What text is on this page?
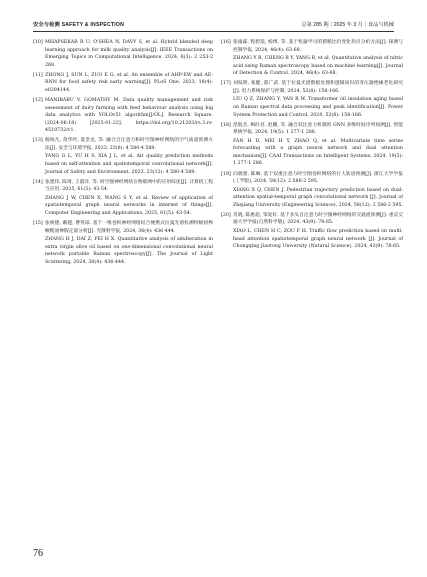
安全与检测 SAFETY & INSPECTION	总第 285 期｜2025 年 3 月｜食品与机械
[10] MHAPSEKAR R U, O'SHEA N, DAVY S, et al. Hybrid blended deep learning approach for milk quality analysis[J]. IEEE Transactions on Emerging Topics in Computational Intelligence, 2024, 8(3): 2 253-2 268.
[11] ZHONG J, SUN L, ZUO E G, et al. An ensemble of AHP-EW and AE-RNN for food safety risk early warning[J]. PLoS One, 2023, 18(4): e0284144.
[12] MANIBABU V, GOMATHY M. Data quality management and risk assessment of dairy farming with feed behaviour analysis using big data analytics with YOLOv51 algorithm[J/OL]. Research Square. (2024-06-18) [2025-01-22]. https://doi.org/10.21203/rs.3.rs-4519732/v1.
[13] 杨锐凡, 余华吟, 夏金龙, 等. 融合自注意力和时空图神经网络的空气质量预测方法[J]. 安全与环境学报, 2023, 23(8): 4 580-4 589.
YANG G L, YU H S, XIA J L, et al. Air quality prediction methods based on self-attention and spatiotemporal convolutional network[J]. Journal of Safety and Environment, 2023, 23(12): 4 580-4 589.
[14] 张建伟, 陈琦, 王淑洋, 等. 时空图神经网络在物联网中的应用综述[J]. 计算机工程与应用, 2025, 61(5): 43-54.
ZHANG J W, CHEN X, WANG S Y, et al. Review of application of spatiotemporal graph neural networks in internet of things[J]. Computer Engineering and Applications, 2025, 61(5): 43-54.
[15] 张焕德, 戴越, 曹英琼. 基于一维卷积神经网络结合便携式拉曼光谱检测特级初榨橄榄油掺假定量分析[J]. 光散射学报, 2024, 36(4): 436-444.
ZHANG H J, DAI Z, FEI H X. Quantitative analysis of adulteration in extra virgin olive oil based on one-dimensional convolutional neural network portable Raman spectroscopy[J]. The Journal of Light Scattering, 2024, 36(4): 436-444.
[16] 张雍霖, 程碧琰, 杨博, 等. 基于机器学习的猪粮比价变化拐点分析方法[J]. 探测与控制学报, 2024, 46(4): 63-68.
ZHANG Y R, CHENG B Y, YANG B, et al. Quantitative analysis of nitric acid using Raman spectroscopy based on machine learning[J]. Journal of Detection & Control, 2024, 46(4): 63-68.
[17] 刘权明, 张健, 邵广武. 基于拉曼光谱数据处理和逻辑回归的变压器绝缘老化研究[J]. 电力系统保护与控制, 2024, 52(8): 158-166.
LIU Q Z, ZHANG Y, YAN R W. Transformer oil insulation aging based on Raman spectral data processing and peak identification[J]. Power System Protection and Control, 2024, 52(8): 158-166.
[18] 范航杰, 梅旺君, 赵鹏, 等. 融合双注意力机制的 GNN 多维时间序列预测[J]. 智能系统学报, 2024, 19(5): 1 277-1 286.
FAN H D, MEI H Y, ZHAO Q, et al. Multivariate time series forecasting with a graph neural network and dual attention mechanism[J]. CAAI Transactions on Intelligent Systems, 2024, 19(5): 1 277-1 286.
[19] 向晓想, 陈琳. 基于双重注意力时空图卷积网络的行人轨迹预测[J]. 浙江大学学报(工学版), 2024, 58(12): 2 586-2 595.
XIANG X Q, CHEN J. Pedestrian trajectory prediction based on dual-attention spatial-temporal graph convolutional network [J]. Journal of Zhejiang University (Engineering Science), 2024, 58(12): 2 586-2 595.
[20] 肖晓, 陈惠超, 邹复好. 基于多头自注意力时空图神经网络的交通流预测[J]. 重庆交通大学学报(自然科学版), 2024, 43(9): 78-85.
XIAO L, CHEN H C, ZOU F H. Traffic flow prediction based on multi-head attention spatiotemporal graph neural network [J]. Journal of Chongqing Jiaotong University (Natural Science), 2024, 43(9): 78-85.
76
